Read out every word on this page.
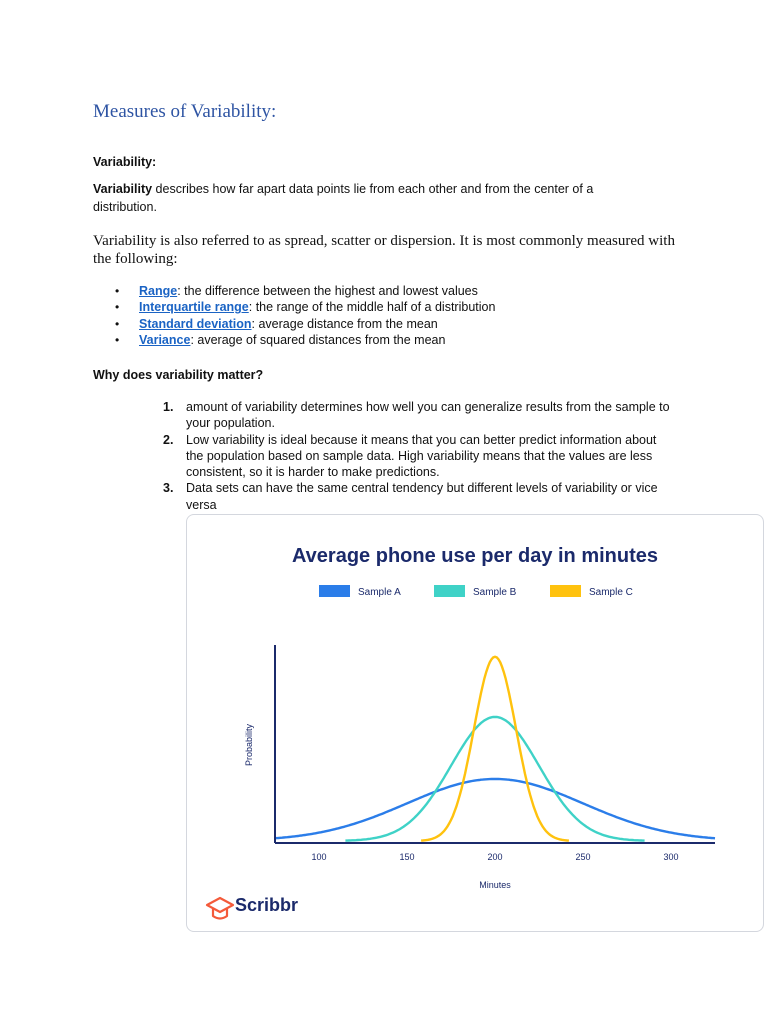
Measures of Variability:

Variability:

Variability describes how far apart data points lie from each other and from the center of a distribution.

Variability is also referred to as spread, scatter or dispersion. It is most commonly measured with the following:

• Range: the difference between the highest and lowest values
• Interquartile range: the range of the middle half of a distribution
• Standard deviation: average distance from the mean
• Variance: average of squared distances from the mean

Why does variability matter?

1. amount of variability determines how well you can generalize results from the sample to your population.
2. Low variability is ideal because it means that you can better predict information about the population based on sample data. High variability means that the values are less consistent, so it is harder to make predictions.
3. Data sets can have the same central tendency but different levels of variability or vice versa
Average phone use per day in minutes
Sample A	Sample B	Sample C
Probability
100	150	200	250	300
Minutes
Scribbr
